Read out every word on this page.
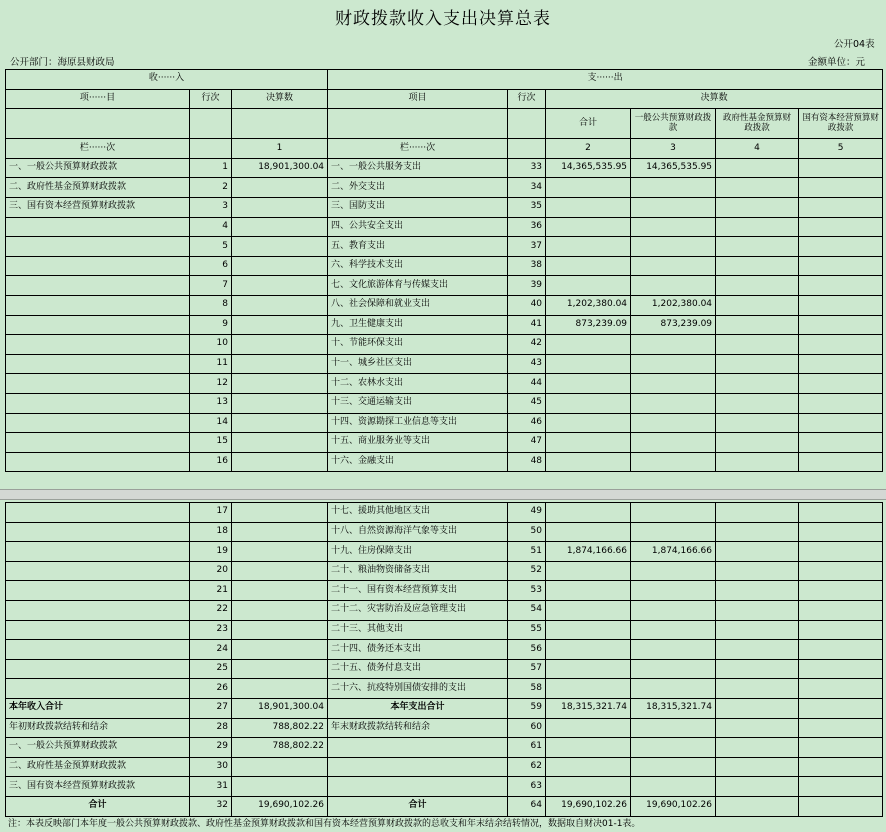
财政拨款收入支出决算总表
公开04表
公开部门：海原县财政局	金额单位：元
收······入			支······出					
项······目	行次	决算数	项目	行次	决算数			
					合计	一般公共预算财政拨款	政府性基金预算财政拨款	国有资本经营预算财政拨款
栏······次		1	栏······次		2	3	4	5
一、一般公共预算财政拨款	1	18,901,300.04	一、一般公共服务支出	33	14,365,535.95	14,365,535.95		
二、政府性基金预算财政拨款	2		二、外交支出	34				
三、国有资本经营预算财政拨款	3		三、国防支出	35				
	4		四、公共安全支出	36				
	5		五、教育支出	37				
	6		六、科学技术支出	38				
	7		七、文化旅游体育与传媒支出	39				
	8		八、社会保障和就业支出	40	1,202,380.04	1,202,380.04		
	9		九、卫生健康支出	41	873,239.09	873,239.09		
	10		十、节能环保支出	42				
	11		十一、城乡社区支出	43				
	12		十二、农林水支出	44				
	13		十三、交通运输支出	45				
	14		十四、资源勘探工业信息等支出	46				
	15		十五、商业服务业等支出	47				
	16		十六、金融支出	48				
	17		十七、援助其他地区支出	49				
	18		十八、自然资源海洋气象等支出	50				
	19		十九、住房保障支出	51	1,874,166.66	1,874,166.66		
	20		二十、粮油物资储备支出	52				
	21		二十一、国有资本经营预算支出	53				
	22		二十二、灾害防治及应急管理支出	54				
	23		二十三、其他支出	55				
	24		二十四、债务还本支出	56				
	25		二十五、债务付息支出	57				
	26		二十六、抗疫特别国债安排的支出	58				
本年收入合计	27	18,901,300.04	本年支出合计	59	18,315,321.74	18,315,321.74		
年初财政拨款结转和结余	28	788,802.22	年末财政拨款结转和结余	60				
一、一般公共预算财政拨款	29	788,802.22		61				
二、政府性基金预算财政拨款	30			62				
三、国有资本经营预算财政拨款	31			63				
合计	32	19,690,102.26	合计	64	19,690,102.26	19,690,102.26		
注：本表反映部门本年度一般公共预算财政拨款、政府性基金预算财政拨款和国有资本经营预算财政拨款的总收支和年末结余结转情况，数据取自财决01-1表。
